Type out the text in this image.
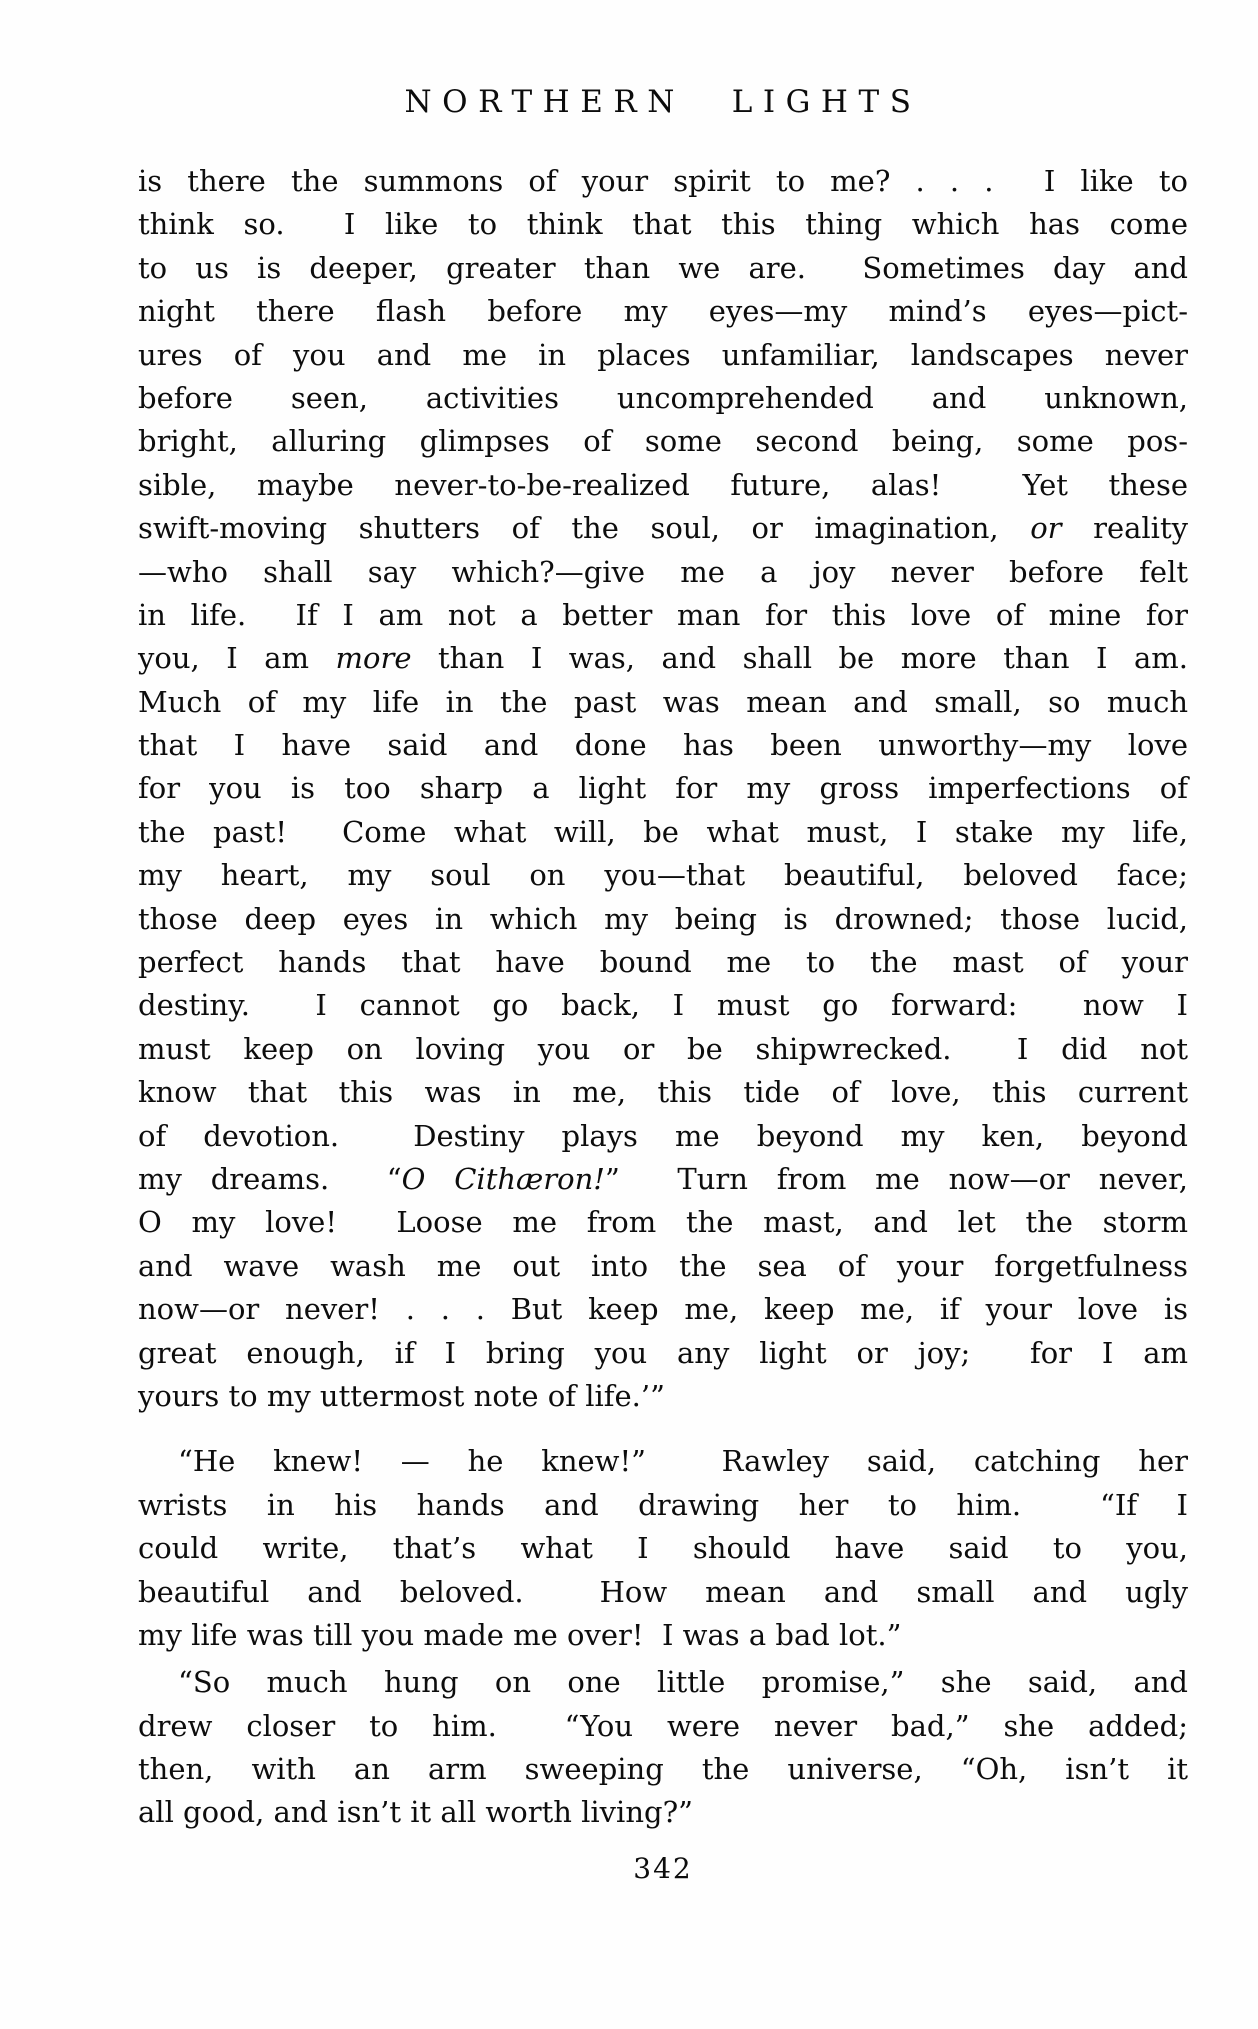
NORTHERN LIGHTS
is there the summons of your spirit to me? . . .  I like to
think so.  I like to think that this thing which has come
to us is deeper, greater than we are.  Sometimes day and
night there flash before my eyes—my mind’s eyes—pict-
ures of you and me in places unfamiliar, landscapes never
before seen, activities uncomprehended and unknown,
bright, alluring glimpses of some second being, some pos-
sible, maybe never-to-be-realized future, alas!  Yet these
swift-moving shutters of the soul, or imagination, or reality
—who shall say which?—give me a joy never before felt
in life.  If I am not a better man for this love of mine for
you, I am more than I was, and shall be more than I am.
Much of my life in the past was mean and small, so much
that I have said and done has been unworthy—my love
for you is too sharp a light for my gross imperfections of
the past!  Come what will, be what must, I stake my life,
my heart, my soul on you—that beautiful, beloved face;
those deep eyes in which my being is drowned; those lucid,
perfect hands that have bound me to the mast of your
destiny.  I cannot go back, I must go forward:  now I
must keep on loving you or be shipwrecked.  I did not
know that this was in me, this tide of love, this current
of devotion.  Destiny plays me beyond my ken, beyond
my dreams.  “O Cithæron!”  Turn from me now—or never,
O my love!  Loose me from the mast, and let the storm
and wave wash me out into the sea of your forgetfulness
now—or never! . . . But keep me, keep me, if your love is
great enough, if I bring you any light or joy;  for I am
yours to my uttermost note of life.’”
“He knew! — he knew!”  Rawley said, catching her
wrists in his hands and drawing her to him.  “If I
could write, that’s what I should have said to you,
beautiful and beloved.  How mean and small and ugly
my life was till you made me over!  I was a bad lot.”
“So much hung on one little promise,” she said, and
drew closer to him.  “You were never bad,” she added;
then, with an arm sweeping the universe, “Oh, isn’t it
all good, and isn’t it all worth living?”
342
